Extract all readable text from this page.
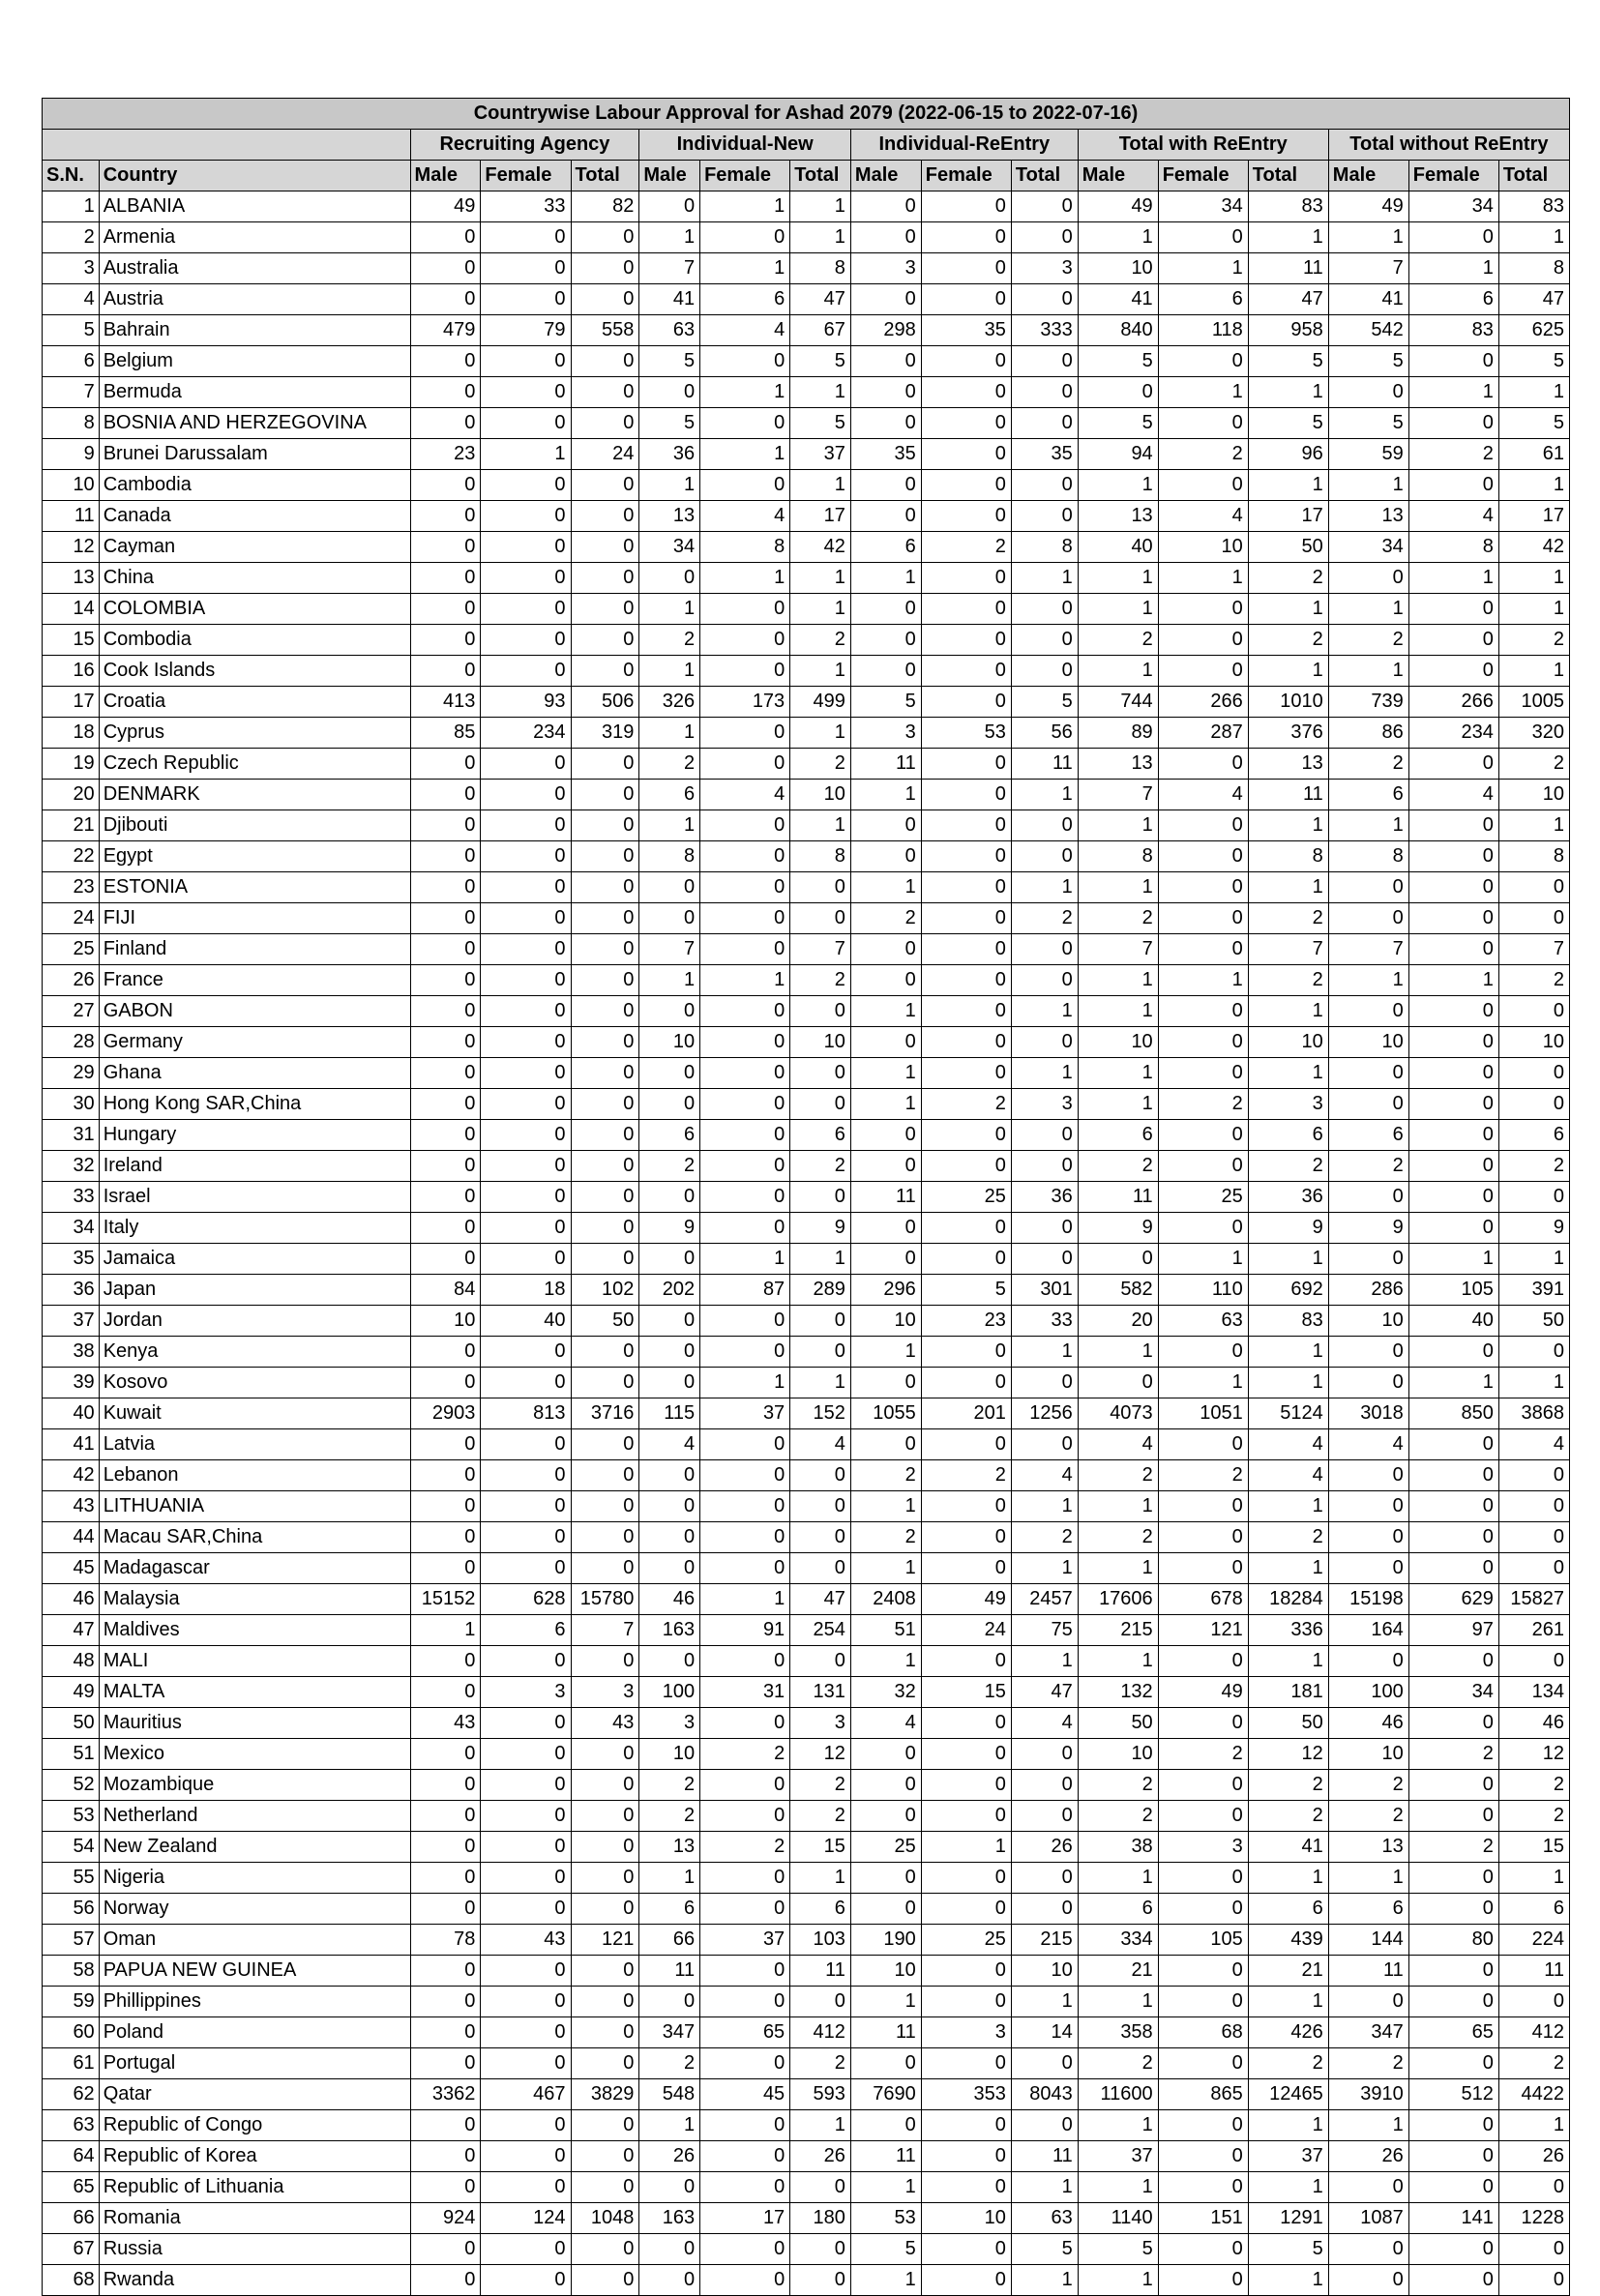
Countrywise Labour Approval for Ashad 2079 (2022-06-15 to 2022-07-16)																
		Recruiting Agency			Individual-New			Individual-ReEntry			Total with ReEntry			Total without ReEntry		
S.N.	Country	Male	Female	Total	Male	Female	Total	Male	Female	Total	Male	Female	Total	Male	Female	Total
1	ALBANIA	49	33	82	0	1	1	0	0	0	49	34	83	49	34	83
2	Armenia	0	0	0	1	0	1	0	0	0	1	0	1	1	0	1
3	Australia	0	0	0	7	1	8	3	0	3	10	1	11	7	1	8
4	Austria	0	0	0	41	6	47	0	0	0	41	6	47	41	6	47
5	Bahrain	479	79	558	63	4	67	298	35	333	840	118	958	542	83	625
6	Belgium	0	0	0	5	0	5	0	0	0	5	0	5	5	0	5
7	Bermuda	0	0	0	0	1	1	0	0	0	0	1	1	0	1	1
8	BOSNIA AND HERZEGOVINA	0	0	0	5	0	5	0	0	0	5	0	5	5	0	5
9	Brunei Darussalam	23	1	24	36	1	37	35	0	35	94	2	96	59	2	61
10	Cambodia	0	0	0	1	0	1	0	0	0	1	0	1	1	0	1
11	Canada	0	0	0	13	4	17	0	0	0	13	4	17	13	4	17
12	Cayman	0	0	0	34	8	42	6	2	8	40	10	50	34	8	42
13	China	0	0	0	0	1	1	1	0	1	1	1	2	0	1	1
14	COLOMBIA	0	0	0	1	0	1	0	0	0	1	0	1	1	0	1
15	Combodia	0	0	0	2	0	2	0	0	0	2	0	2	2	0	2
16	Cook Islands	0	0	0	1	0	1	0	0	0	1	0	1	1	0	1
17	Croatia	413	93	506	326	173	499	5	0	5	744	266	1010	739	266	1005
18	Cyprus	85	234	319	1	0	1	3	53	56	89	287	376	86	234	320
19	Czech Republic	0	0	0	2	0	2	11	0	11	13	0	13	2	0	2
20	DENMARK	0	0	0	6	4	10	1	0	1	7	4	11	6	4	10
21	Djibouti	0	0	0	1	0	1	0	0	0	1	0	1	1	0	1
22	Egypt	0	0	0	8	0	8	0	0	0	8	0	8	8	0	8
23	ESTONIA	0	0	0	0	0	0	1	0	1	1	0	1	0	0	0
24	FIJI	0	0	0	0	0	0	2	0	2	2	0	2	0	0	0
25	Finland	0	0	0	7	0	7	0	0	0	7	0	7	7	0	7
26	France	0	0	0	1	1	2	0	0	0	1	1	2	1	1	2
27	GABON	0	0	0	0	0	0	1	0	1	1	0	1	0	0	0
28	Germany	0	0	0	10	0	10	0	0	0	10	0	10	10	0	10
29	Ghana	0	0	0	0	0	0	1	0	1	1	0	1	0	0	0
30	Hong Kong SAR,China	0	0	0	0	0	0	1	2	3	1	2	3	0	0	0
31	Hungary	0	0	0	6	0	6	0	0	0	6	0	6	6	0	6
32	Ireland	0	0	0	2	0	2	0	0	0	2	0	2	2	0	2
33	Israel	0	0	0	0	0	0	11	25	36	11	25	36	0	0	0
34	Italy	0	0	0	9	0	9	0	0	0	9	0	9	9	0	9
35	Jamaica	0	0	0	0	1	1	0	0	0	0	1	1	0	1	1
36	Japan	84	18	102	202	87	289	296	5	301	582	110	692	286	105	391
37	Jordan	10	40	50	0	0	0	10	23	33	20	63	83	10	40	50
38	Kenya	0	0	0	0	0	0	1	0	1	1	0	1	0	0	0
39	Kosovo	0	0	0	0	1	1	0	0	0	0	1	1	0	1	1
40	Kuwait	2903	813	3716	115	37	152	1055	201	1256	4073	1051	5124	3018	850	3868
41	Latvia	0	0	0	4	0	4	0	0	0	4	0	4	4	0	4
42	Lebanon	0	0	0	0	0	0	2	2	4	2	2	4	0	0	0
43	LITHUANIA	0	0	0	0	0	0	1	0	1	1	0	1	0	0	0
44	Macau SAR,China	0	0	0	0	0	0	2	0	2	2	0	2	0	0	0
45	Madagascar	0	0	0	0	0	0	1	0	1	1	0	1	0	0	0
46	Malaysia	15152	628	15780	46	1	47	2408	49	2457	17606	678	18284	15198	629	15827
47	Maldives	1	6	7	163	91	254	51	24	75	215	121	336	164	97	261
48	MALI	0	0	0	0	0	0	1	0	1	1	0	1	0	0	0
49	MALTA	0	3	3	100	31	131	32	15	47	132	49	181	100	34	134
50	Mauritius	43	0	43	3	0	3	4	0	4	50	0	50	46	0	46
51	Mexico	0	0	0	10	2	12	0	0	0	10	2	12	10	2	12
52	Mozambique	0	0	0	2	0	2	0	0	0	2	0	2	2	0	2
53	Netherland	0	0	0	2	0	2	0	0	0	2	0	2	2	0	2
54	New Zealand	0	0	0	13	2	15	25	1	26	38	3	41	13	2	15
55	Nigeria	0	0	0	1	0	1	0	0	0	1	0	1	1	0	1
56	Norway	0	0	0	6	0	6	0	0	0	6	0	6	6	0	6
57	Oman	78	43	121	66	37	103	190	25	215	334	105	439	144	80	224
58	PAPUA NEW GUINEA	0	0	0	11	0	11	10	0	10	21	0	21	11	0	11
59	Phillippines	0	0	0	0	0	0	1	0	1	1	0	1	0	0	0
60	Poland	0	0	0	347	65	412	11	3	14	358	68	426	347	65	412
61	Portugal	0	0	0	2	0	2	0	0	0	2	0	2	2	0	2
62	Qatar	3362	467	3829	548	45	593	7690	353	8043	11600	865	12465	3910	512	4422
63	Republic of Congo	0	0	0	1	0	1	0	0	0	1	0	1	1	0	1
64	Republic of Korea	0	0	0	26	0	26	11	0	11	37	0	37	26	0	26
65	Republic of Lithuania	0	0	0	0	0	0	1	0	1	1	0	1	0	0	0
66	Romania	924	124	1048	163	17	180	53	10	63	1140	151	1291	1087	141	1228
67	Russia	0	0	0	0	0	0	5	0	5	5	0	5	0	0	0
68	Rwanda	0	0	0	0	0	0	1	0	1	1	0	1	0	0	0
